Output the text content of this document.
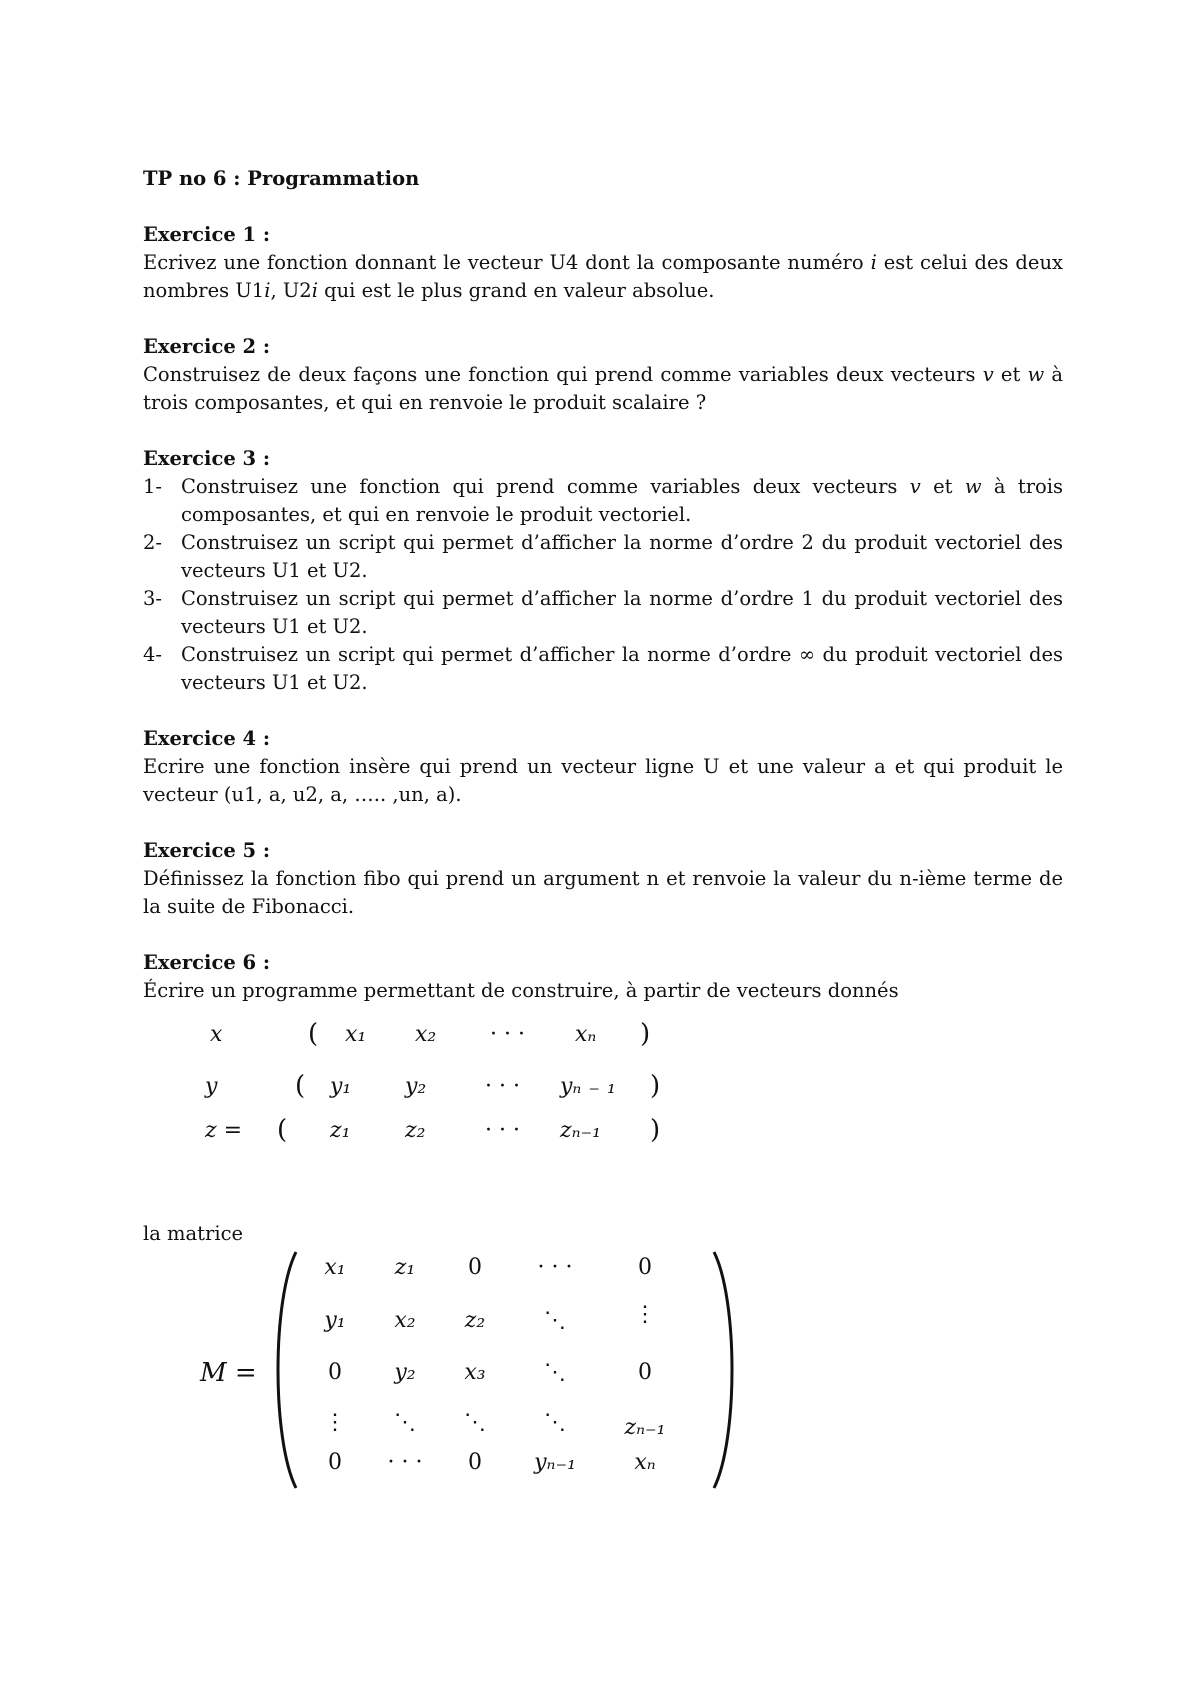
TP no 6 : Programmation

Exercice 1 :

Ecrivez une fonction donnant le vecteur U4 dont la composante numéro i est celui des deux nombres U1i, U2i qui est le plus grand en valeur absolue.

Exercice 2 :

Construisez de deux façons une fonction qui prend comme variables deux vecteurs v et w à trois composantes, et qui en renvoie le produit scalaire ?

Exercice 3 :
1- Construisez une fonction qui prend comme variables deux vecteurs v et w à trois composantes, et qui en renvoie le produit vectoriel.
2- Construisez un script qui permet d’afficher la norme d’ordre 2 du produit vectoriel des vecteurs U1 et U2.
3- Construisez un script qui permet d’afficher la norme d’ordre 1 du produit vectoriel des vecteurs U1 et U2.
4- Construisez un script qui permet d’afficher la norme d’ordre ∞ du produit vectoriel des vecteurs U1 et U2.
Exercice 4 :

Ecrire une fonction insère qui prend un vecteur ligne U et une valeur a et qui produit le vecteur (u1, a, u2, a, ….. ,un, a).

Exercice 5 :

Définissez la fonction fibo qui prend un argument n et renvoie la valeur du n-ième terme de la suite de Fibonacci.

Exercice 6 :

Écrire un programme permettant de construire, à partir de vecteurs donnés

x	( x₁ x₂ · · · xₙ )
y	( y₁ y₂	· · · yₙ ₋ ₁ )
z = ( z₁ z₂	· · · zₙ₋₁ )
la matrice
M =
x₁	z₁	0	· · ·	0
y₁	x₂	z₂	⋱	⋮
0	y₂	x₃	⋱	0
⋮	⋱	⋱	⋱	zₙ₋₁
0	· · ·	0	yₙ₋₁	xₙ
